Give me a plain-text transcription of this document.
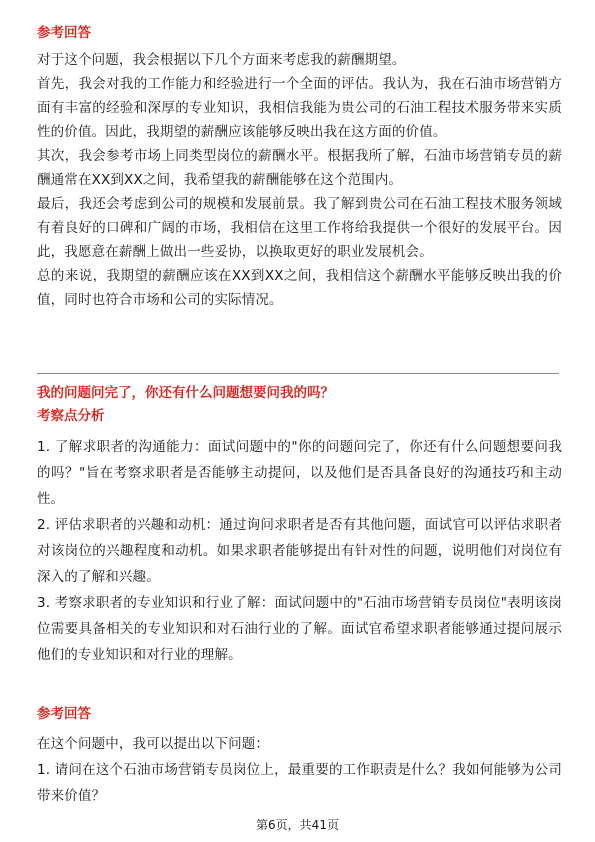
参考回答

对于这个问题，我会根据以下几个方面来考虑我的薪酬期望。

首先，我会对我的工作能力和经验进行一个全面的评估。我认为，我在石油市场营销方面有丰富的经验和深厚的专业知识，我相信我能为贵公司的石油工程技术服务带来实质性的价值。因此，我期望的薪酬应该能够反映出我在这方面的价值。

其次，我会参考市场上同类型岗位的薪酬水平。根据我所了解，石油市场营销专员的薪酬通常在XX到XX之间，我希望我的薪酬能够在这个范围内。

最后，我还会考虑到公司的规模和发展前景。我了解到贵公司在石油工程技术服务领域有着良好的口碑和广阔的市场，我相信在这里工作将给我提供一个很好的发展平台。因此，我愿意在薪酬上做出一些妥协，以换取更好的职业发展机会。

总的来说，我期望的薪酬应该在XX到XX之间，我相信这个薪酬水平能够反映出我的价值，同时也符合市场和公司的实际情况。

我的问题问完了，你还有什么问题想要问我的吗？

考察点分析

1. 了解求职者的沟通能力：面试问题中的"你的问题问完了，你还有什么问题想要问我的吗？"旨在考察求职者是否能够主动提问，以及他们是否具备良好的沟通技巧和主动性。

2. 评估求职者的兴趣和动机：通过询问求职者是否有其他问题，面试官可以评估求职者对该岗位的兴趣程度和动机。如果求职者能够提出有针对性的问题，说明他们对岗位有深入的了解和兴趣。

3. 考察求职者的专业知识和行业了解：面试问题中的"石油市场营销专员岗位"表明该岗位需要具备相关的专业知识和对石油行业的了解。面试官希望求职者能够通过提问展示他们的专业知识和对行业的理解。

参考回答

在这个问题中，我可以提出以下问题：

1. 请问在这个石油市场营销专员岗位上，最重要的工作职责是什么？我如何能够为公司带来价值？

第6页，共41页
